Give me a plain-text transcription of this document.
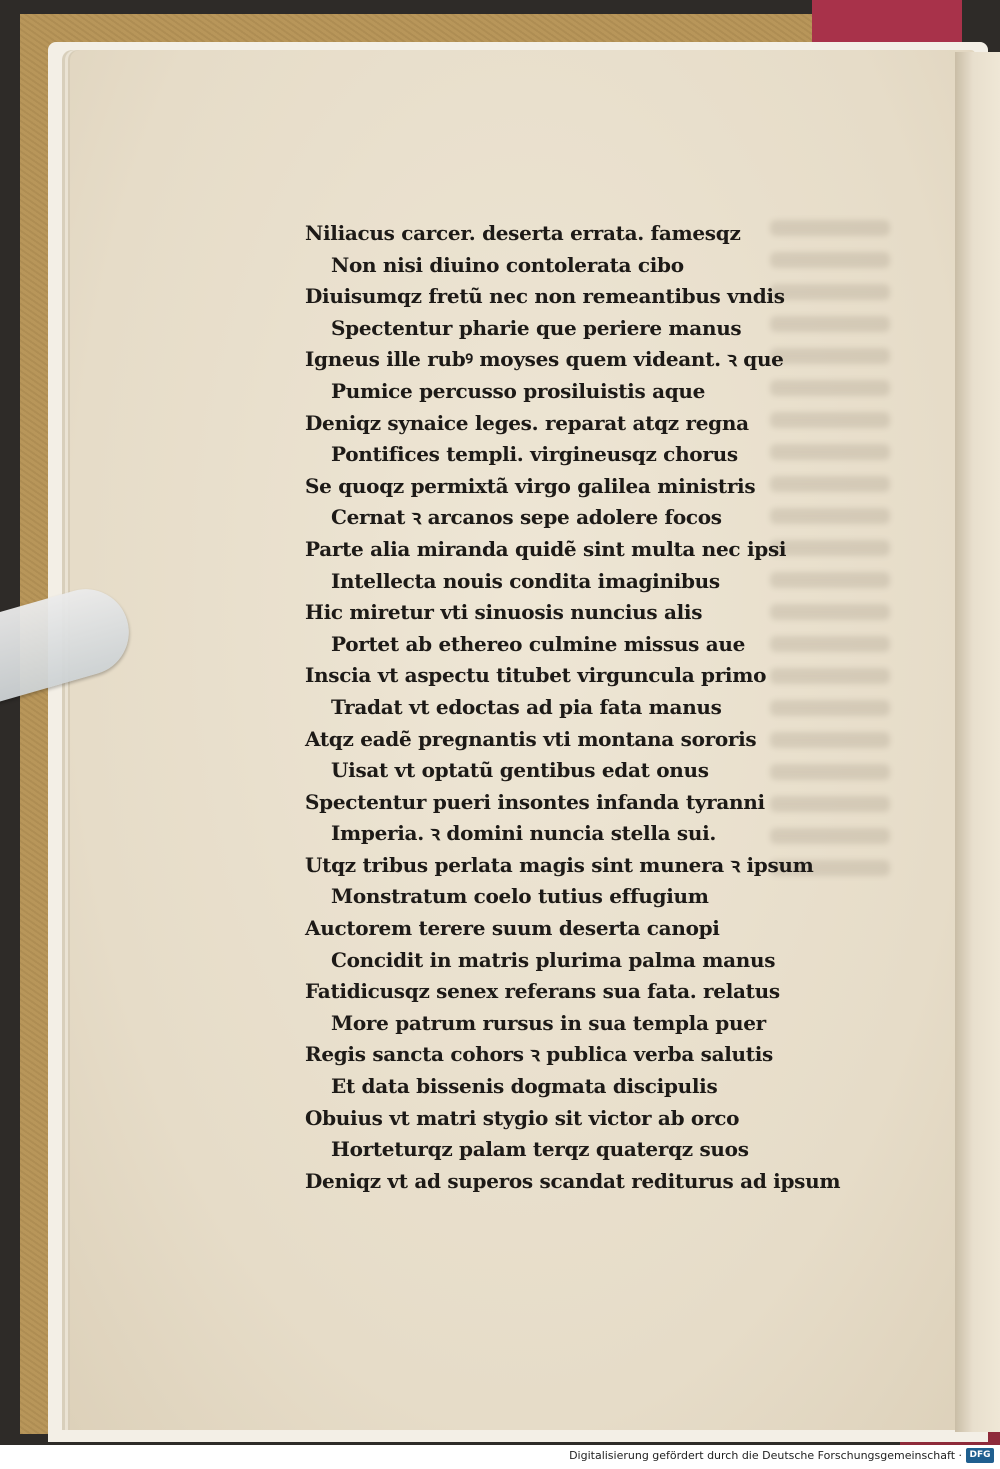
Niliacus carcer. deserta errata. famesqz
Non nisi diuino contolerata cibo
Diuisumqz fretũ nec non remeantibus vndis
Spectentur pharie que periere manus
Igneus ille rubꝰ moyses quem videant. ꝛ que
Pumice percusso prosiluistis aque
Deniqz synaice leges. reparat atqz regna
Pontifices templi. virgineusqz chorus
Se quoqz permixtã virgo galilea ministris
Cernat ꝛ arcanos sepe adolere focos
Parte alia miranda quidẽ sint multa nec ipsi
Intellecta nouis condita imaginibus
Hic miretur vti sinuosis nuncius alis
Portet ab ethereo culmine missus aue
Inscia vt aspectu titubet virguncula primo
Tradat vt edoctas ad pia fata manus
Atqz eadẽ pregnantis vti montana sororis
Uisat vt optatũ gentibus edat onus
Spectentur pueri insontes infanda tyranni
Imperia. ꝛ domini nuncia stella sui.
Utqz tribus perlata magis sint munera ꝛ ipsum
Monstratum coelo tutius effugium
Auctorem terere suum deserta canopi
Concidit in matris plurima palma manus
Fatidicusqz senex referans sua fata. relatus
More patrum rursus in sua templa puer
Regis sancta cohors ꝛ publica verba salutis
Et data bissenis dogmata discipulis
Obuius vt matri stygio sit victor ab orco
Horteturqz palam terqz quaterqz suos
Deniqz vt ad superos scandat rediturus ad ipsum
Digitalisierung gefördert durch die Deutsche Forschungsgemeinschaft · DFG
